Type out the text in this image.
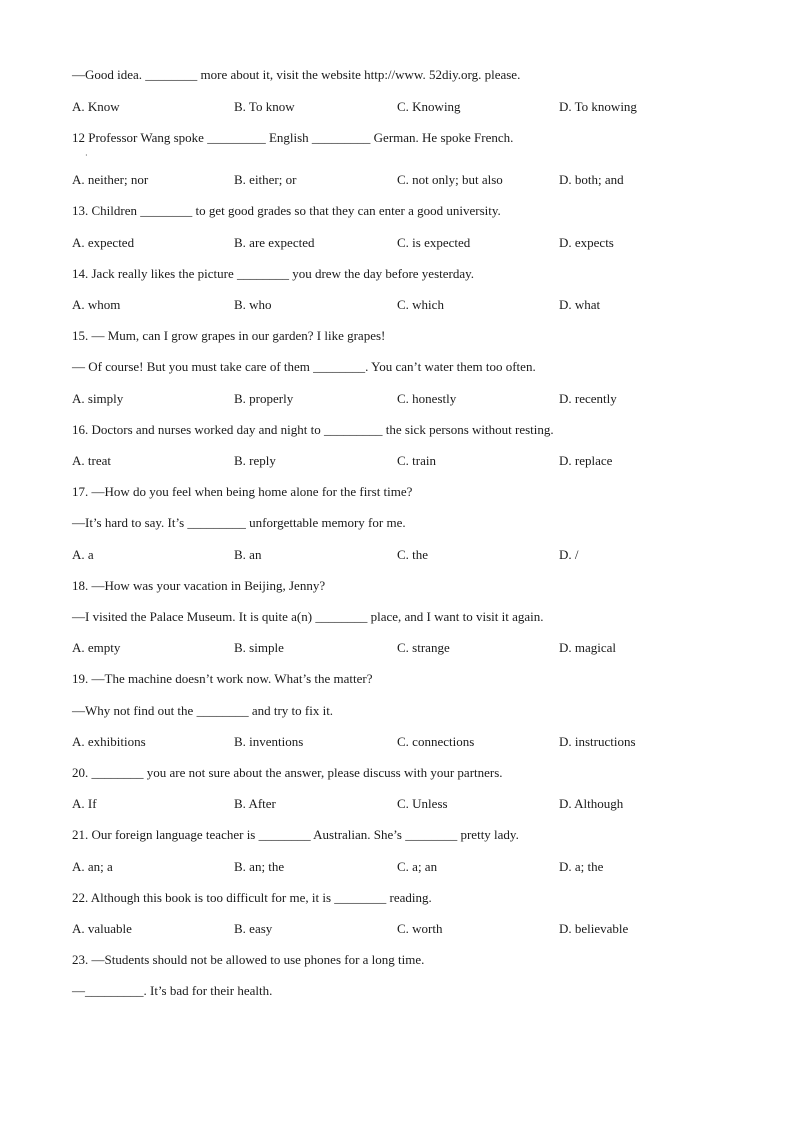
—Good idea. ________ more about it, visit the website http://www. 52diy.org. please.
A. Know	B. To know	C. Knowing	D. To knowing
12 Professor Wang spoke _________ English _________ German. He spoke French.
·
A. neither; nor	B. either; or	C. not only; but also	D. both; and
13. Children ________ to get good grades so that they can enter a good university.
A. expected	B. are expected	C. is expected	D. expects
14. Jack really likes the picture ________ you drew the day before yesterday.
A. whom	B. who	C. which	D. what
15. — Mum, can I grow grapes in our garden? I like grapes!
— Of course! But you must take care of them ________. You can’t water them too often.
A. simply	B. properly	C. honestly	D. recently
16. Doctors and nurses worked day and night to _________ the sick persons without resting.
A. treat	B. reply	C. train	D. replace
17. —How do you feel when being home alone for the first time?
—It’s hard to say. It’s _________ unforgettable memory for me.
A. a	B. an	C. the	D. /
18. —How was your vacation in Beijing, Jenny?
—I visited the Palace Museum. It is quite a(n) ________ place, and I want to visit it again.
A. empty	B. simple	C. strange	D. magical
19. —The machine doesn’t work now. What’s the matter?
—Why not find out the ________ and try to fix it.
A. exhibitions	B. inventions	C. connections	D. instructions
20. ________ you are not sure about the answer, please discuss with your partners.
A. If	B. After	C. Unless	D. Although
21. Our foreign language teacher is ________ Australian. She’s ________ pretty lady.
A. an; a	B. an; the	C. a; an	D. a; the
22. Although this book is too difficult for me, it is ________ reading.
A. valuable	B. easy	C. worth	D. believable
23. —Students should not be allowed to use phones for a long time.
—_________. It’s bad for their health.
